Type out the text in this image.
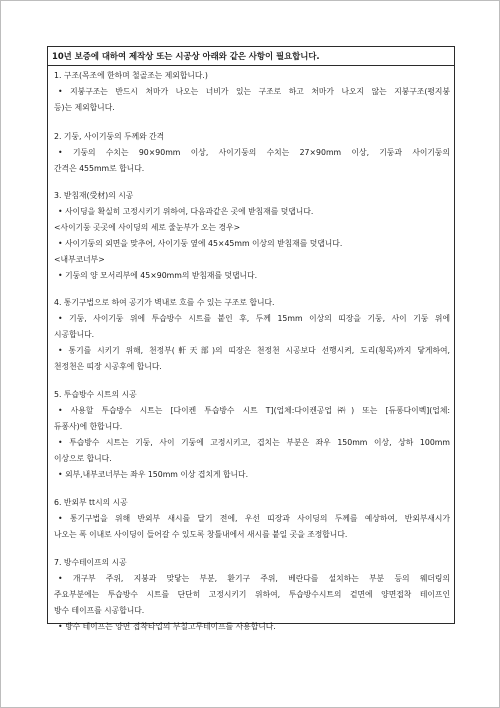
10년 보증에 대하여 제작상 또는 시공상 아래와 같은 사항이 필요합니다.
1. 구조(목조에 한하며 철골조는 제외합니다.)
• 지붕구조는 반드시 처마가 나오는 너비가 있는 구조로 하고 처마가 나오지 않는 지붕구조(평지붕
등)는 제외합니다.
2. 기둥, 사이기둥의 두께와 간격
• 기둥의 수치는 90×90mm 이상, 사이기둥의 수치는 27×90mm 이상, 기둥과 사이기둥의
간격은 455mm로 합니다.
3. 받침재(受材)의 시공
• 사이딩을 확실히 고정시키기 위하여, 다음과같은 곳에 받침재를 덧댑니다.
<사이기둥 곳곳에 사이딩의 세로 줄눈부가 오는 경우>
• 사이기둥의 외면을 맞추어, 사이기둥 옆에 45×45mm 이상의 받침재를 덧댑니다.
<내부코너부>
• 기둥의 양 모서리부에 45×90mm의 받침재를 덧댑니다.
4. 통기구법으로 하여 공기가 벽내로 흐를 수 있는 구조로 합니다.
• 기둥, 사이기둥 위에 투습방수 시트를 붙인 후, 두께 15mm 이상의 띠장을 기둥, 사이 기둥 위에
시공합니다.
• 통기를 시키기 위해, 천정부(軒天部)의 띠장은 천정천 시공보다 선행시켜, 도리(횡목)까지 닿게하여,
천정천은 띠장 시공후에 합니다.
5. 투습방수 시트의 시공
• 사용할 투습방수 시트는 [다이켄 투습방수 시트 T](업체:다이켄공업㈜) 또는 [듀퐁다이벡](업체:
듀퐁사)에 한합니다.
• 투습방수 시트는 기둥, 사이 기둥에 고정시키고, 겹치는 부분은 좌우 150mm 이상, 상하 100mm
이상으로 합니다.
• 외부,내부코너부는 좌우 150mm 이상 겹치게 합니다.
6. 반외부 tt시의 시공
• 통기구법을 위해 반외부 새시를 달기 전에, 우선 띠장과 사이딩의 두께를 예상하여, 반외부새시가
나오는 폭 이내로 사이딩이 들어갈 수 있도록 창틀내에서 새시를 붙일 곳을 조정합니다.
7. 방수테이프의 시공
• 개구부 주위, 지붕과 맞닿는 부분, 환기구 주위, 베란다를 설치하는 부분 등의 웨더링의
주요부분에는 투습방수 시트를 단단히 고정시키기 위하여, 투습방수시트의 겉면에 양면접착 테이프인
방수 테이프를 시공합니다.
• 방수 테이프는 양면 접착타입의 부칠고무테이프를 사용합니다.
